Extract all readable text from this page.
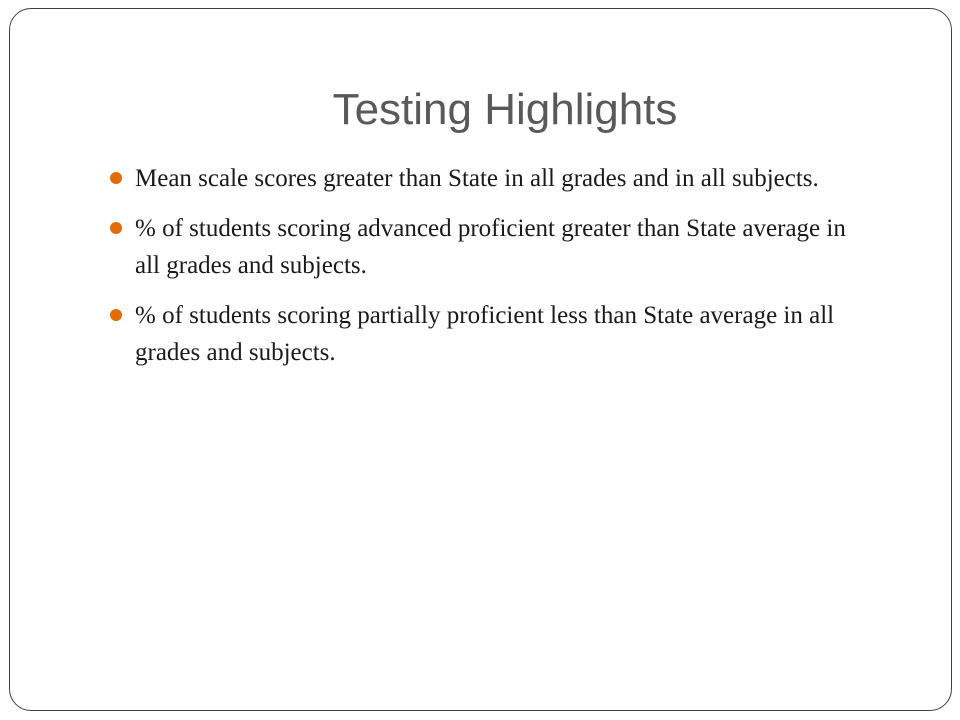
Testing Highlights
Mean scale scores greater than State in all grades and in all subjects.
% of students scoring advanced proficient greater than State average in all grades and subjects.
% of students scoring partially proficient less than State average in all grades and subjects.
